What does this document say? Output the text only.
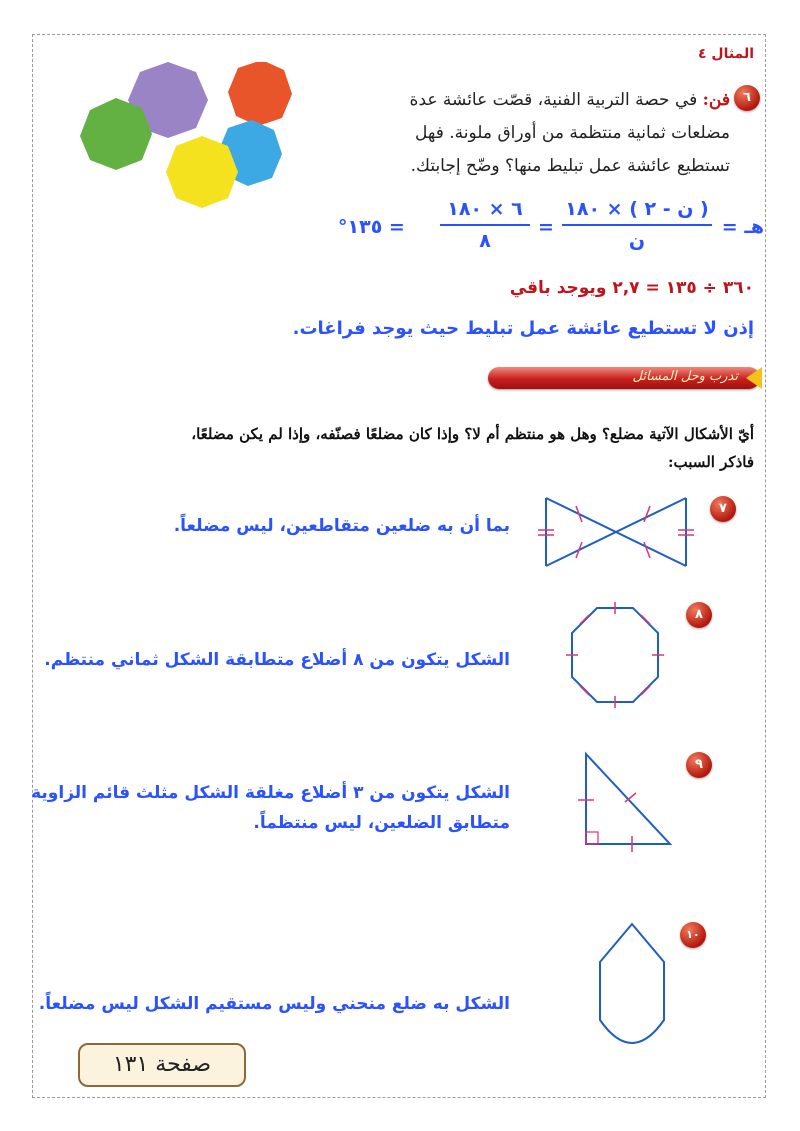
المثال ٤
٦
فن: في حصة التربية الفنية، قصّت عائشة عدة
مضلعات ثمانية منتظمة من أوراق ملونة. فهل
تستطيع عائشة عمل تبليط منها؟ وضّح إجابتك.
هـ =
( ن - ٢ ) × ١٨٠
ن
=
٦ × ١٨٠
٨
= ١٣٥°
٣٦٠ ÷ ١٣٥ = ٢,٧ ويوجد باقي
إذن لا تستطيع عائشة عمل تبليط حيث يوجد فراغات.
تدرب وحل المسائل
أيّ الأشكال الآتية مضلع؟ وهل هو منتظم أم لا؟ وإذا كان مضلعًا فصنّفه، وإذا لم يكن مضلعًا،
فاذكر السبب:
٧
بما أن به ضلعين متقاطعين، ليس مضلعاً.
٨
الشكل يتكون من ٨ أضلاع متطابقة الشكل ثماني منتظم.
٩
الشكل يتكون من ٣ أضلاع مغلقة الشكل مثلث قائم الزاوية
متطابق الضلعين، ليس منتظماً.
١٠
الشكل به ضلع منحني وليس مستقيم الشكل ليس مضلعاً.
صفحة ١٣١
